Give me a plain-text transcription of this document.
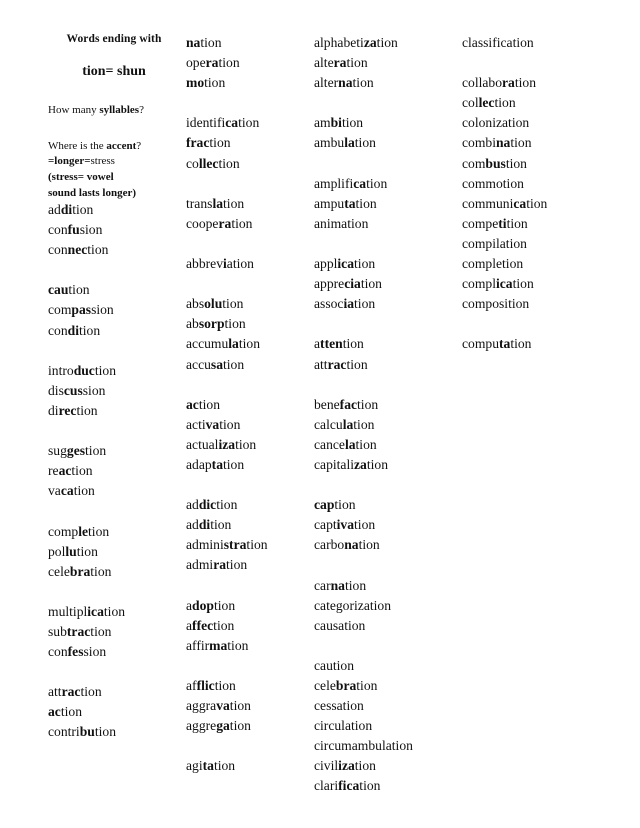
Words ending with
tion= shun
How many syllables?
Where is the accent?
=longer=stress
(stress= vowel
sound lasts longer)
addition
confusion
connection
caution
compassion
condition
introduction
discussion
direction
suggestion
reaction
vacation
completion
pollution
celebration
multiplication
subtraction
confession
attraction
action
contribution
nation
operation
motion
identification
fraction
collection
translation
cooperation
abbreviation
absolution
absorption
accumulation
accusation
action
activation
actualization
adaptation
addiction
addition
administration
admiration
adoption
affection
affirmation
affliction
aggravation
aggregation
agitation
alphabetization
alteration
alternation
ambition
ambulation
amplification
amputation
animation
application
appreciation
association
attention
attraction
benefaction
calculation
cancelation
capitalization
caption
captivation
carbonation
carnation
categorization
causation
caution
celebration
cessation
circulation
circumambulation
civilization
clarification
classification
collaboration
collection
colonization
combination
combustion
commotion
communication
competition
compilation
completion
complication
composition
computation
